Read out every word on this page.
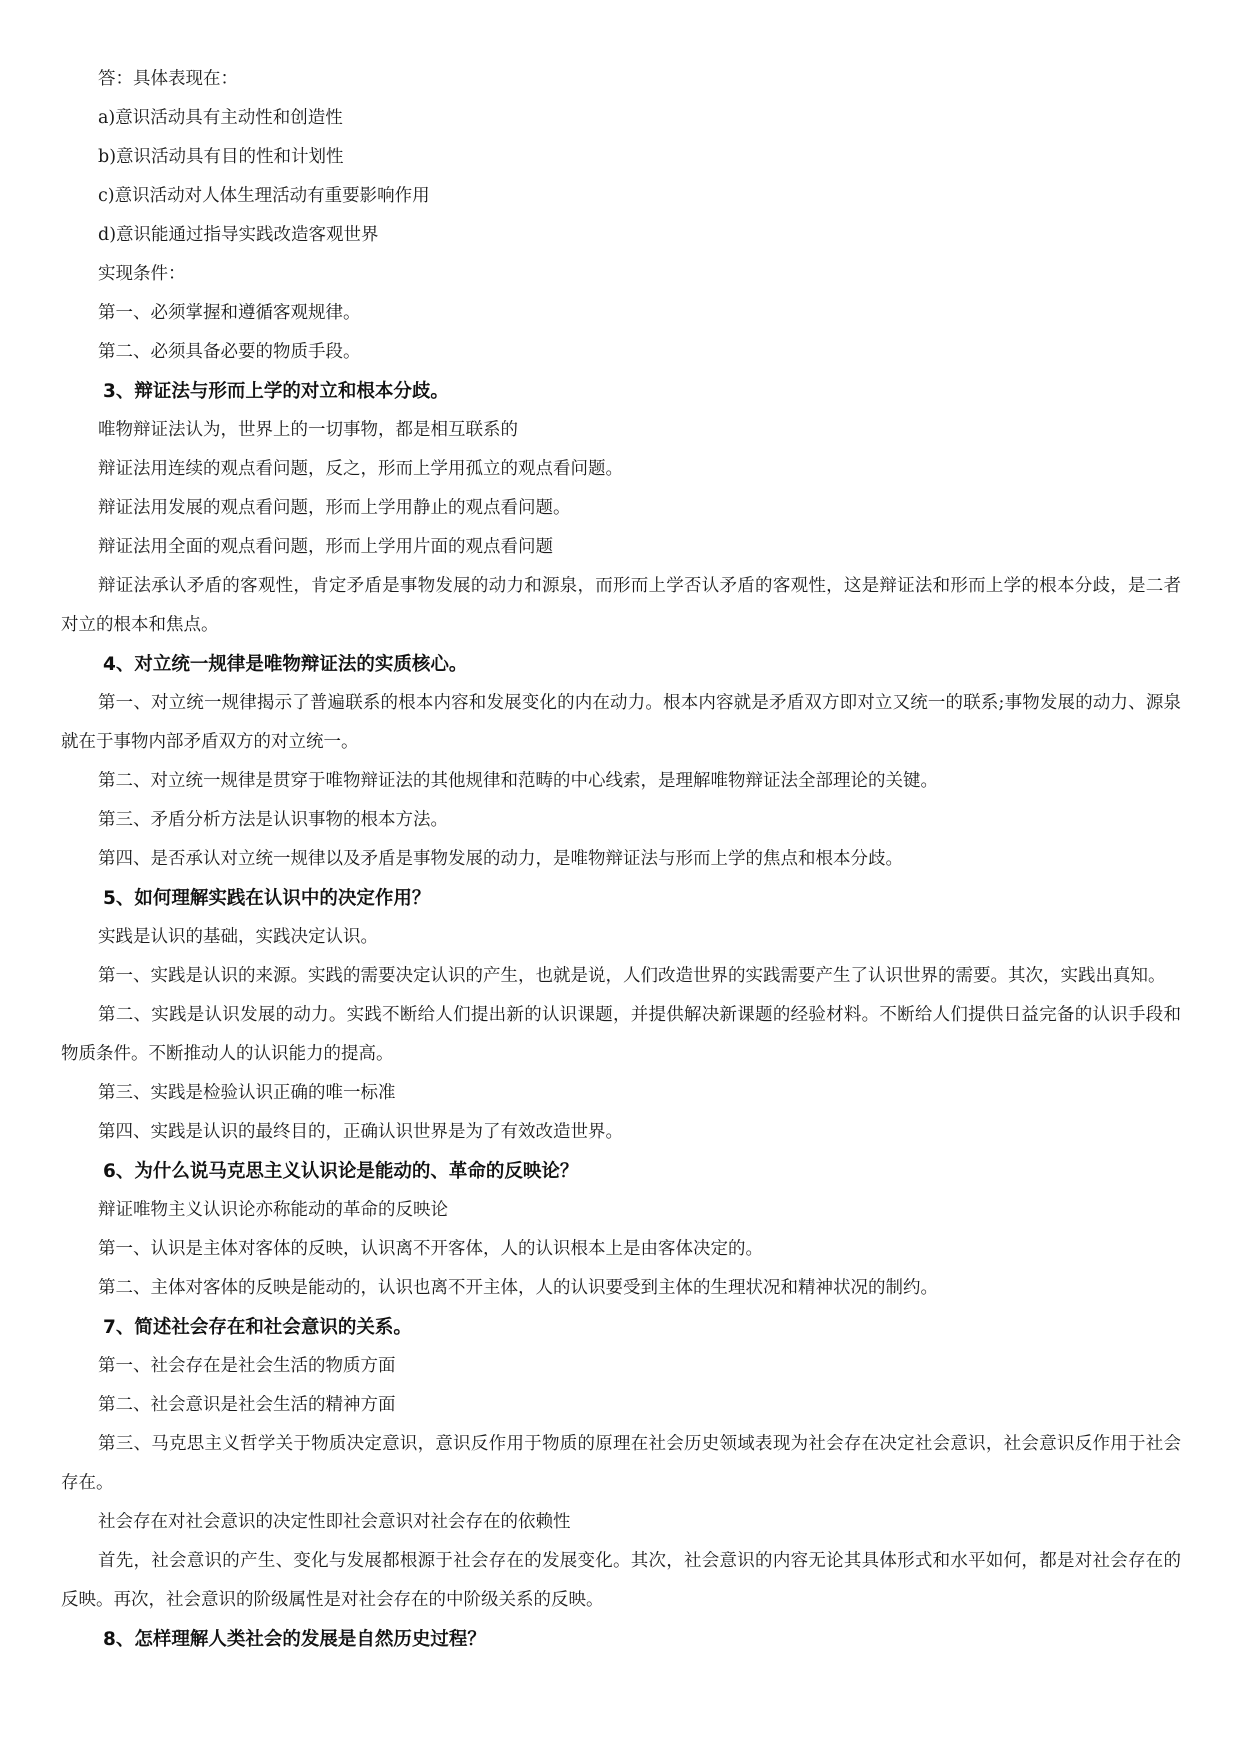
答：具体表现在：
a)意识活动具有主动性和创造性
b)意识活动具有目的性和计划性
c)意识活动对人体生理活动有重要影响作用
d)意识能通过指导实践改造客观世界
实现条件：
第一、必须掌握和遵循客观规律。
第二、必须具备必要的物质手段。
3、辩证法与形而上学的对立和根本分歧。
唯物辩证法认为，世界上的一切事物，都是相互联系的
辩证法用连续的观点看问题，反之，形而上学用孤立的观点看问题。
辩证法用发展的观点看问题，形而上学用静止的观点看问题。
辩证法用全面的观点看问题，形而上学用片面的观点看问题
辩证法承认矛盾的客观性，肯定矛盾是事物发展的动力和源泉，而形而上学否认矛盾的客观性，这是辩证法和形而上学的根本分歧，是二者对立的根本和焦点。
4、对立统一规律是唯物辩证法的实质核心。
第一、对立统一规律揭示了普遍联系的根本内容和发展变化的内在动力。根本内容就是矛盾双方即对立又统一的联系;事物发展的动力、源泉就在于事物内部矛盾双方的对立统一。
第二、对立统一规律是贯穿于唯物辩证法的其他规律和范畴的中心线索，是理解唯物辩证法全部理论的关键。
第三、矛盾分析方法是认识事物的根本方法。
第四、是否承认对立统一规律以及矛盾是事物发展的动力，是唯物辩证法与形而上学的焦点和根本分歧。
5、如何理解实践在认识中的决定作用？
实践是认识的基础，实践决定认识。
第一、实践是认识的来源。实践的需要决定认识的产生，也就是说，人们改造世界的实践需要产生了认识世界的需要。其次，实践出真知。
第二、实践是认识发展的动力。实践不断给人们提出新的认识课题，并提供解决新课题的经验材料。不断给人们提供日益完备的认识手段和物质条件。不断推动人的认识能力的提高。
第三、实践是检验认识正确的唯一标准
第四、实践是认识的最终目的，正确认识世界是为了有效改造世界。
6、为什么说马克思主义认识论是能动的、革命的反映论？
辩证唯物主义认识论亦称能动的革命的反映论
第一、认识是主体对客体的反映，认识离不开客体，人的认识根本上是由客体决定的。
第二、主体对客体的反映是能动的，认识也离不开主体，人的认识要受到主体的生理状况和精神状况的制约。
7、简述社会存在和社会意识的关系。
第一、社会存在是社会生活的物质方面
第二、社会意识是社会生活的精神方面
第三、马克思主义哲学关于物质决定意识，意识反作用于物质的原理在社会历史领域表现为社会存在决定社会意识，社会意识反作用于社会存在。
社会存在对社会意识的决定性即社会意识对社会存在的依赖性
首先，社会意识的产生、变化与发展都根源于社会存在的发展变化。其次，社会意识的内容无论其具体形式和水平如何，都是对社会存在的反映。再次，社会意识的阶级属性是对社会存在的中阶级关系的反映。
8、怎样理解人类社会的发展是自然历史过程？
